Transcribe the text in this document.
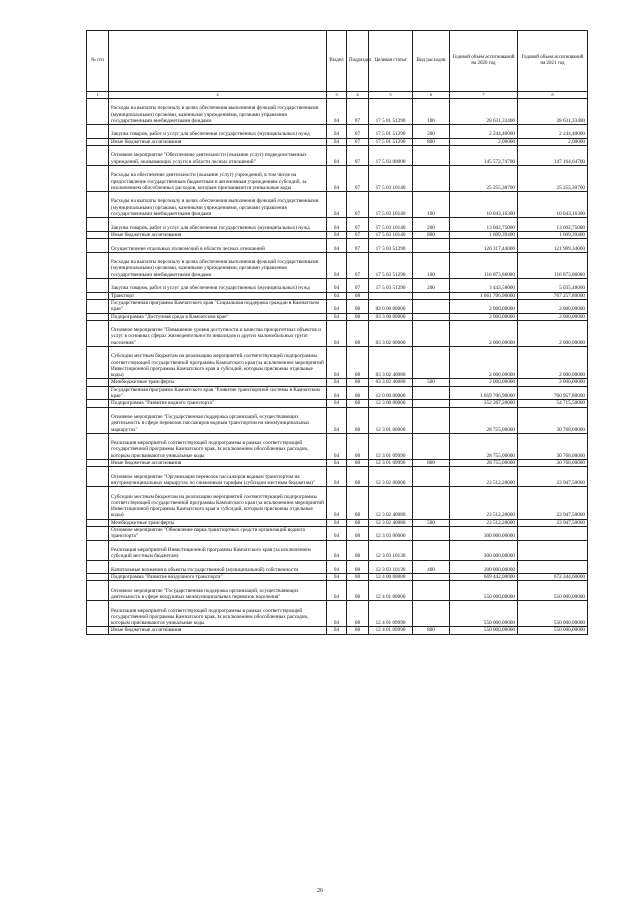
№ п/п		Раздел	Подраздел	Целевая статья	Вид расходов	Годовой объем ассигнований на 2020 год	Годовой объем ассигнований на 2021 год
1	2	3	4	5	6	7	8
	Расходы на выплаты персоналу в целях обеспечения выполнения функций государственными (муниципальными) органами, казенными учреждениями, органами управления государственными внебюджетными фондами	04	07	17 5 01 51290	100	28 631,33400	28 631,33400
	Закупка товаров, работ и услуг для обеспечения государственных (муниципальных) нужд	04	07	17 5 01 51290	200	2 244,40000	2 244,40000
	Иные бюджетные ассигнования	04	07	17 5 01 51290	800	2,00000	2,00000
	Основное мероприятие "Обеспечение деятельности (оказание услуг) подведомственных учреждений, оказывающих услуги в области лесных отношений"	04	07	17 5 03 00000		145 572,74700	147 164,64700
	Расходы на обеспечение деятельности (оказание услуг) учреждений, в том числе на предоставление государственным бюджетным и автономным учреждениям субсидий, за исключением обособленных расходов, которым присваиваются уникальные коды	04	07	17 5 03 10140		25 255,30700	25 255,30700
	Расходы на выплаты персоналу в целях обеспечения выполнения функций государственными (муниципальными) органами, казенными учреждениями, органами управления государственными внебюджетными фондами	04	07	17 5 03 10140	100	10 043,16300	10 043,16300
	Закупка товаров, работ и услуг для обеспечения государственных (муниципальных) нужд	04	07	17 5 03 10140	200	13 602,75000	13 602,75000
	Иные бюджетные ассигнования	04	07	17 5 03 10140	800	1 609,39400	1 609,39400
	Осуществление отдельных полномочий в области лесных отношений	04	07	17 5 03 51290		120 317,44000	121 909,34000
	Расходы на выплаты персоналу в целях обеспечения выполнения функций государственными (муниципальными) органами, казенными учреждениями, органами управления государственными внебюджетными фондами	04	07	17 5 03 51290	100	116 873,86000	116 873,86000
	Закупка товаров, работ и услуг для обеспечения государственных (муниципальных) нужд	04	07	17 5 03 51290	200	3 443,58000	5 035,48000
	Транспорт	04	08			1 061 706,90000	767 257,80000
	Государственная программа Камчатского края "Социальная поддержка граждан в Камчатском крае"	04	08	03 0 00 00000		2 000,00000	2 000,00000
	Подпрограмма "Доступная среда в Камчатском крае"	04	08	03 3 00 00000		2 000,00000	2 000,00000
	Основное мероприятие "Повышение уровня доступности и качества приоритетных объектов и услуг в основных сферах жизнедеятельности инвалидов и других маломобильных групп населения"	04	08	03 3 02 00000		2 000,00000	2 000,00000
	Субсидии местным бюджетам на реализацию мероприятий соответствующей подпрограммы соответствующей государственной программы Камчатского края (за исключением мероприятий Инвестиционной программы Камчатского края и субсидий, которым присвоены отдельные коды)	04	08	03 3 02 40080		2 000,00000	2 000,00000
	Межбюджетные трансферты	04	08	03 3 02 40080	500	2 000,00000	2 000,00000
	Государственная программа Камчатского края "Развитие транспортной системы в Камчатском крае"	04	08	12 0 00 00000		1 059 706,90000	760 957,80000
	Подпрограмма "Развитие водного транспорта"	04	08	12 3 00 00000		352 267,20000	54 715,50000
	Основное мероприятие "Государственная поддержка организаций, осуществляющих деятельность в сфере перевозок пассажиров водным транспортом на межмуниципальных маршрутах"	04	08	12 3 01 00000		28 755,00000	30 768,00000
	Реализация мероприятий соответствующей подпрограммы в рамках соответствующей государственной программы Камчатского края, за исключением обособленных расходов, которым присваиваются уникальные коды	04	08	12 3 01 09990		28 755,00000	30 768,00000
	Иные бюджетные ассигнования	04	08	12 3 01 09990	800	28 755,00000	30 768,00000
	Основное мероприятие "Организация перевозок пассажиров водным транспортом на внутримуниципальных маршрутах по сниженным тарифам (субсидии местным бюджетам)"	04	08	12 3 02 00000		23 512,20000	23 947,50000
	Субсидии местным бюджетам на реализацию мероприятий соответствующей подпрограммы соответствующей государственной программы Камчатского края (за исключением мероприятий Инвестиционной программы Камчатского края и субсидий, которым присвоены отдельные коды)	04	08	12 3 02 40080		23 512,20000	23 947,50000
	Межбюджетные трансферты	04	08	12 3 02 40080	500	23 512,20000	23 947,50000
	Основное мероприятие "Обновление парка транспортных средств организаций водного транспорта"	04	08	12 3 03 00000		300 000,00000	
	Реализация мероприятий Инвестиционной программы Камчатского края (за исключением субсидий местным бюджетам)	04	08	12 3 03 10130		300 000,00000	
	Капитальные вложения в объекты государственной (муниципальной) собственности	04	08	12 3 03 10130	400	300 000,00000	
	Подпрограмма "Развитие воздушного транспорта"	04	08	12 4 00 00000		669 442,00000	672 344,60000
	Основное мероприятие "Государственная поддержка организаций, осуществляющих деятельность в сфере воздушных межмуниципальных перевозок населения"	04	08	12 4 01 00000		550 000,00000	550 000,00000
	Реализация мероприятий соответствующей подпрограммы в рамках соответствующей государственной программы Камчатского края, за исключением обособленных расходов, которым присваиваются уникальные коды	04	08	12 4 01 09990		550 000,00000	550 000,00000
	Иные бюджетные ассигнования	04	08	12 4 01 09990	800	550 000,00000	550 000,00000
26
